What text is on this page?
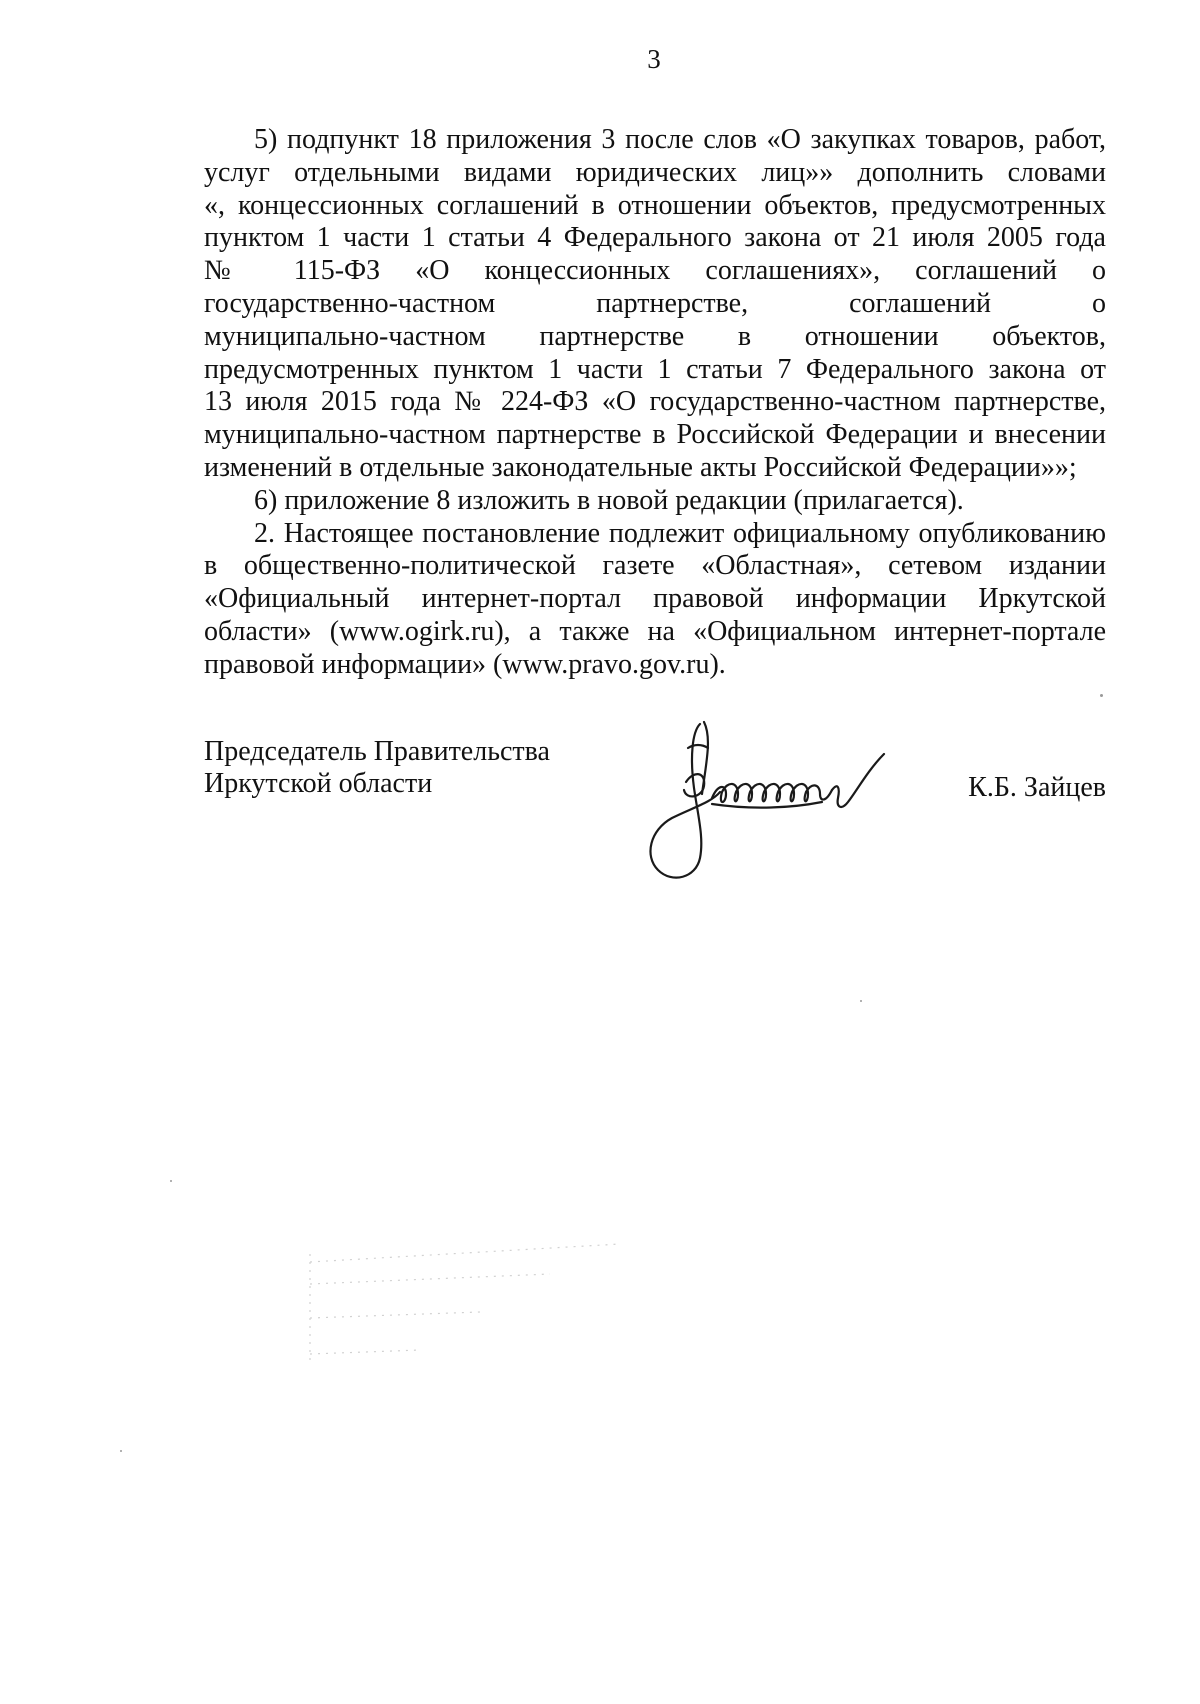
3

5) подпункт 18 приложения 3 после слов «О закупках товаров, работ,
услуг отдельными видами юридических лиц»» дополнить словами
«, концессионных соглашений в отношении объектов, предусмотренных
пунктом 1 части 1 статьи 4 Федерального закона от 21 июля 2005 года
№ 115-ФЗ «О концессионных соглашениях», соглашений о
государственно-частном партнерстве, соглашений о
муниципально-частном партнерстве в отношении объектов,
предусмотренных пунктом 1 части 1 статьи 7 Федерального закона от
13 июля 2015 года № 224-ФЗ «О государственно-частном партнерстве,
муниципально-частном партнерстве в Российской Федерации и внесении
изменений в отдельные законодательные акты Российской Федерации»»;

6) приложение 8 изложить в новой редакции (прилагается).

2. Настоящее постановление подлежит официальному опубликованию
в общественно-политической газете «Областная», сетевом издании
«Официальный интернет-портал правовой информации Иркутской
области» (www.ogirk.ru), а также на «Официальном интернет-портале
правовой информации» (www.pravo.gov.ru).

Председатель Правительства
Иркутской области	К.Б. Зайцев
